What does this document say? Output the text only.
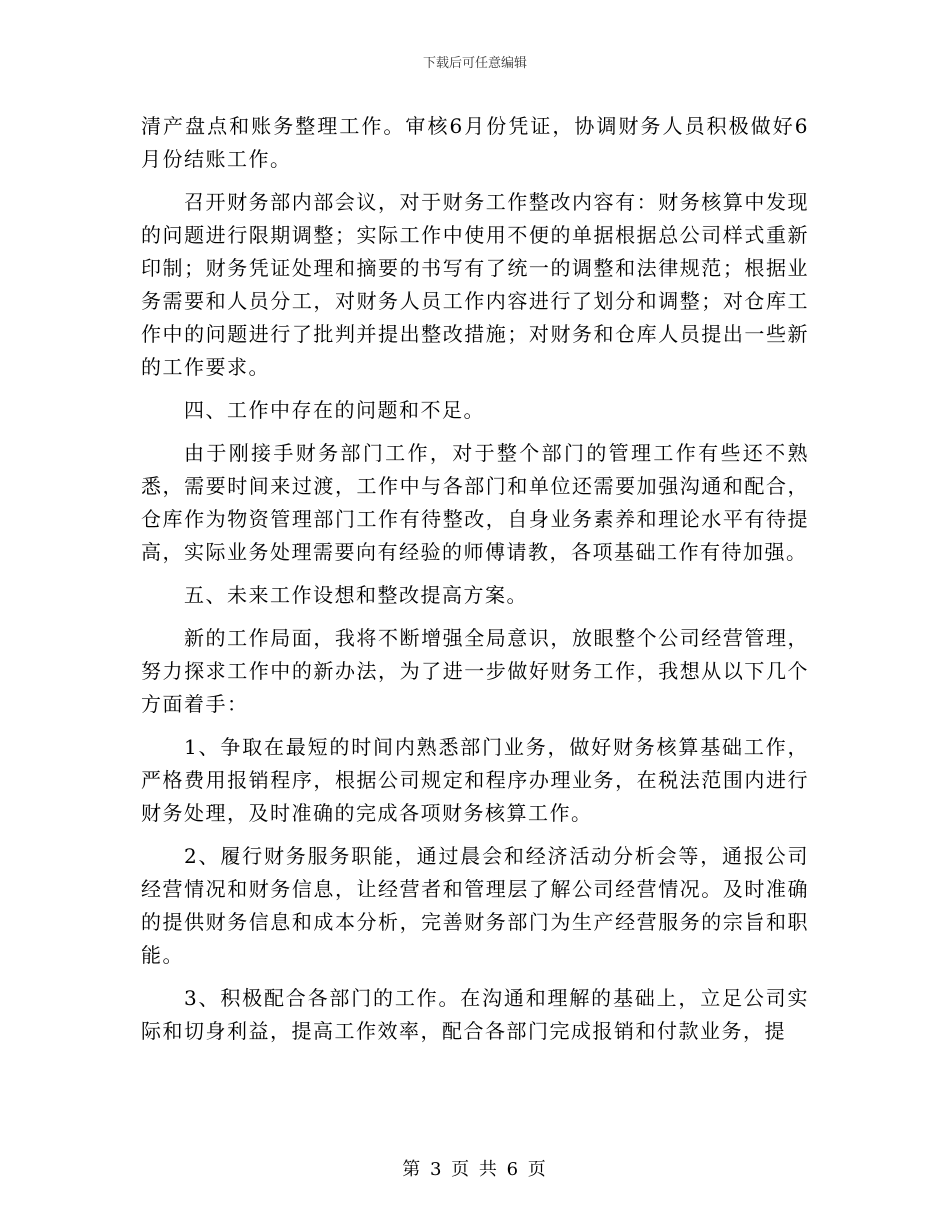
下载后可任意编辑

清产盘点和账务整理工作。审核6月份凭证，协调财务人员积极做好6月份结账工作。

召开财务部内部会议，对于财务工作整改内容有：财务核算中发现的问题进行限期调整；实际工作中使用不便的单据根据总公司样式重新印制；财务凭证处理和摘要的书写有了统一的调整和法律规范；根据业务需要和人员分工，对财务人员工作内容进行了划分和调整；对仓库工作中的问题进行了批判并提出整改措施；对财务和仓库人员提出一些新的工作要求。

四、工作中存在的问题和不足。

由于刚接手财务部门工作，对于整个部门的管理工作有些还不熟悉，需要时间来过渡，工作中与各部门和单位还需要加强沟通和配合，仓库作为物资管理部门工作有待整改，自身业务素养和理论水平有待提高，实际业务处理需要向有经验的师傅请教，各项基础工作有待加强。

五、未来工作设想和整改提高方案。

新的工作局面，我将不断增强全局意识，放眼整个公司经营管理，努力探求工作中的新办法，为了进一步做好财务工作，我想从以下几个方面着手：

1、争取在最短的时间内熟悉部门业务，做好财务核算基础工作，严格费用报销程序，根据公司规定和程序办理业务，在税法范围内进行财务处理，及时准确的完成各项财务核算工作。

2、履行财务服务职能，通过晨会和经济活动分析会等，通报公司经营情况和财务信息，让经营者和管理层了解公司经营情况。及时准确的提供财务信息和成本分析，完善财务部门为生产经营服务的宗旨和职能。

3、积极配合各部门的工作。在沟通和理解的基础上，立足公司实际和切身利益，提高工作效率，配合各部门完成报销和付款业务，提

第 3 页 共 6 页
